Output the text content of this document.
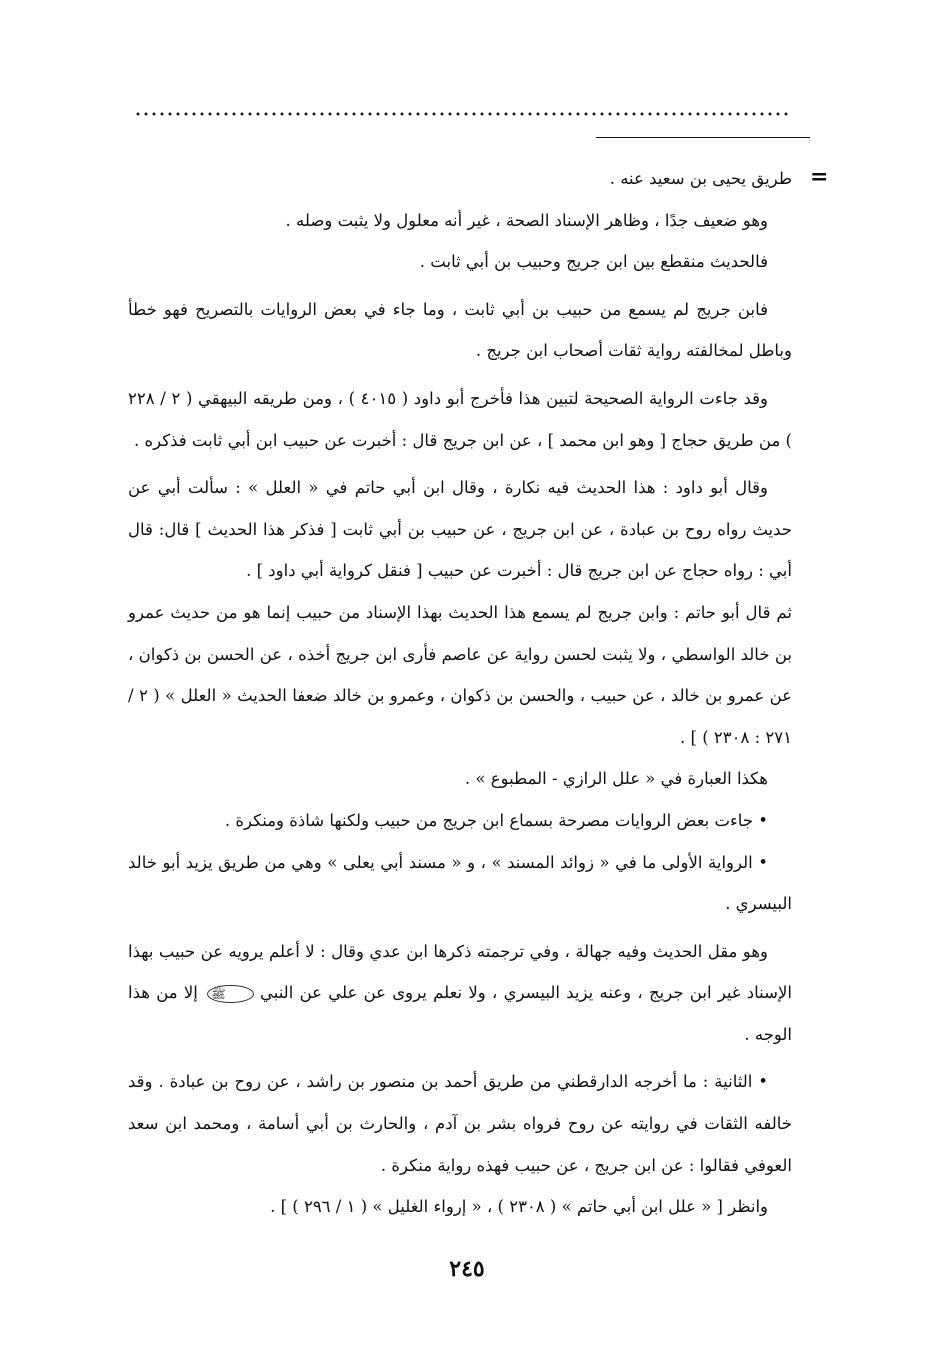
=

طريق يحيى بن سعيد عنه .

وهو ضعيف جدًا ، وظاهر الإسناد الصحة ، غير أنه معلول ولا يثبت وصله .

فالحديث منقطع بين ابن جريج وحبيب بن أبي ثابت .

فابن جريج لم يسمع من حبيب بن أبي ثابت ، وما جاء في بعض الروايات بالتصريح فهو خطأ وباطل لمخالفته رواية ثقات أصحاب ابن جريج .

وقد جاءت الرواية الصحيحة لتبين هذا فأخرج أبو داود ( ٤٠١٥ ) ، ومن طريقه البيهقي ( ٢ / ٢٢٨ ) من طريق حجاج [ وهو ابن محمد ] ، عن ابن جريج قال : أخبرت عن حبيب ابن أبي ثابت فذكره .

وقال أبو داود : هذا الحديث فيه نكارة ، وقال ابن أبي حاتم في « العلل » : سألت أبي عن حديث رواه روح بن عبادة ، عن ابن جريج ، عن حبيب بن أبي ثابت [ فذكر هذا الحديث ] قال: قال أبي : رواه حجاج عن ابن جريج قال : أخبرت عن حبيب [ فنقل كرواية أبي داود ] .

ثم قال أبو حاتم : وابن جريج لم يسمع هذا الحديث بهذا الإسناد من حبيب إنما هو من حديث عمرو بن خالد الواسطي ، ولا يثبت لحسن رواية عن عاصم فأرى ابن جريج أخذه ، عن الحسن بن ذكوان ، عن عمرو بن خالد ، عن حبيب ، والحسن بن ذكوان ، وعمرو بن خالد ضعفا الحديث « العلل » ( ٢ / ٢٧١ : ٢٣٠٨ ) ] .

هكذا العبارة في « علل الرازي - المطبوع » .

• جاءت بعض الروايات مصرحة بسماع ابن جريج من حبيب ولكنها شاذة ومنكرة .

• الرواية الأولى ما في « زوائد المسند » ، و « مسند أبي يعلى » وهي من طريق يزيد أبو خالد البيسري .

وهو مقل الحديث وفيه جهالة ، وفي ترجمته ذكرها ابن عدي وقال : لا أعلم يرويه عن حبيب بهذا الإسناد غير ابن جريج ، وعنه يزيد البيسري ، ولا نعلم يروى عن علي عن النبي ﷺ إلا من هذا الوجه .

• الثانية : ما أخرجه الدارقطني من طريق أحمد بن منصور بن راشد ، عن روح بن عبادة . وقد خالفه الثقات في روايته عن روح فرواه بشر بن آدم ، والحارث بن أبي أسامة ، ومحمد ابن سعد العوفي فقالوا : عن ابن جريج ، عن حبيب فهذه رواية منكرة .

وانظر [ « علل ابن أبي حاتم » ( ٢٣٠٨ ) ، « إرواء الغليل » ( ١ / ٢٩٦ ) ] .

٢٤٥
